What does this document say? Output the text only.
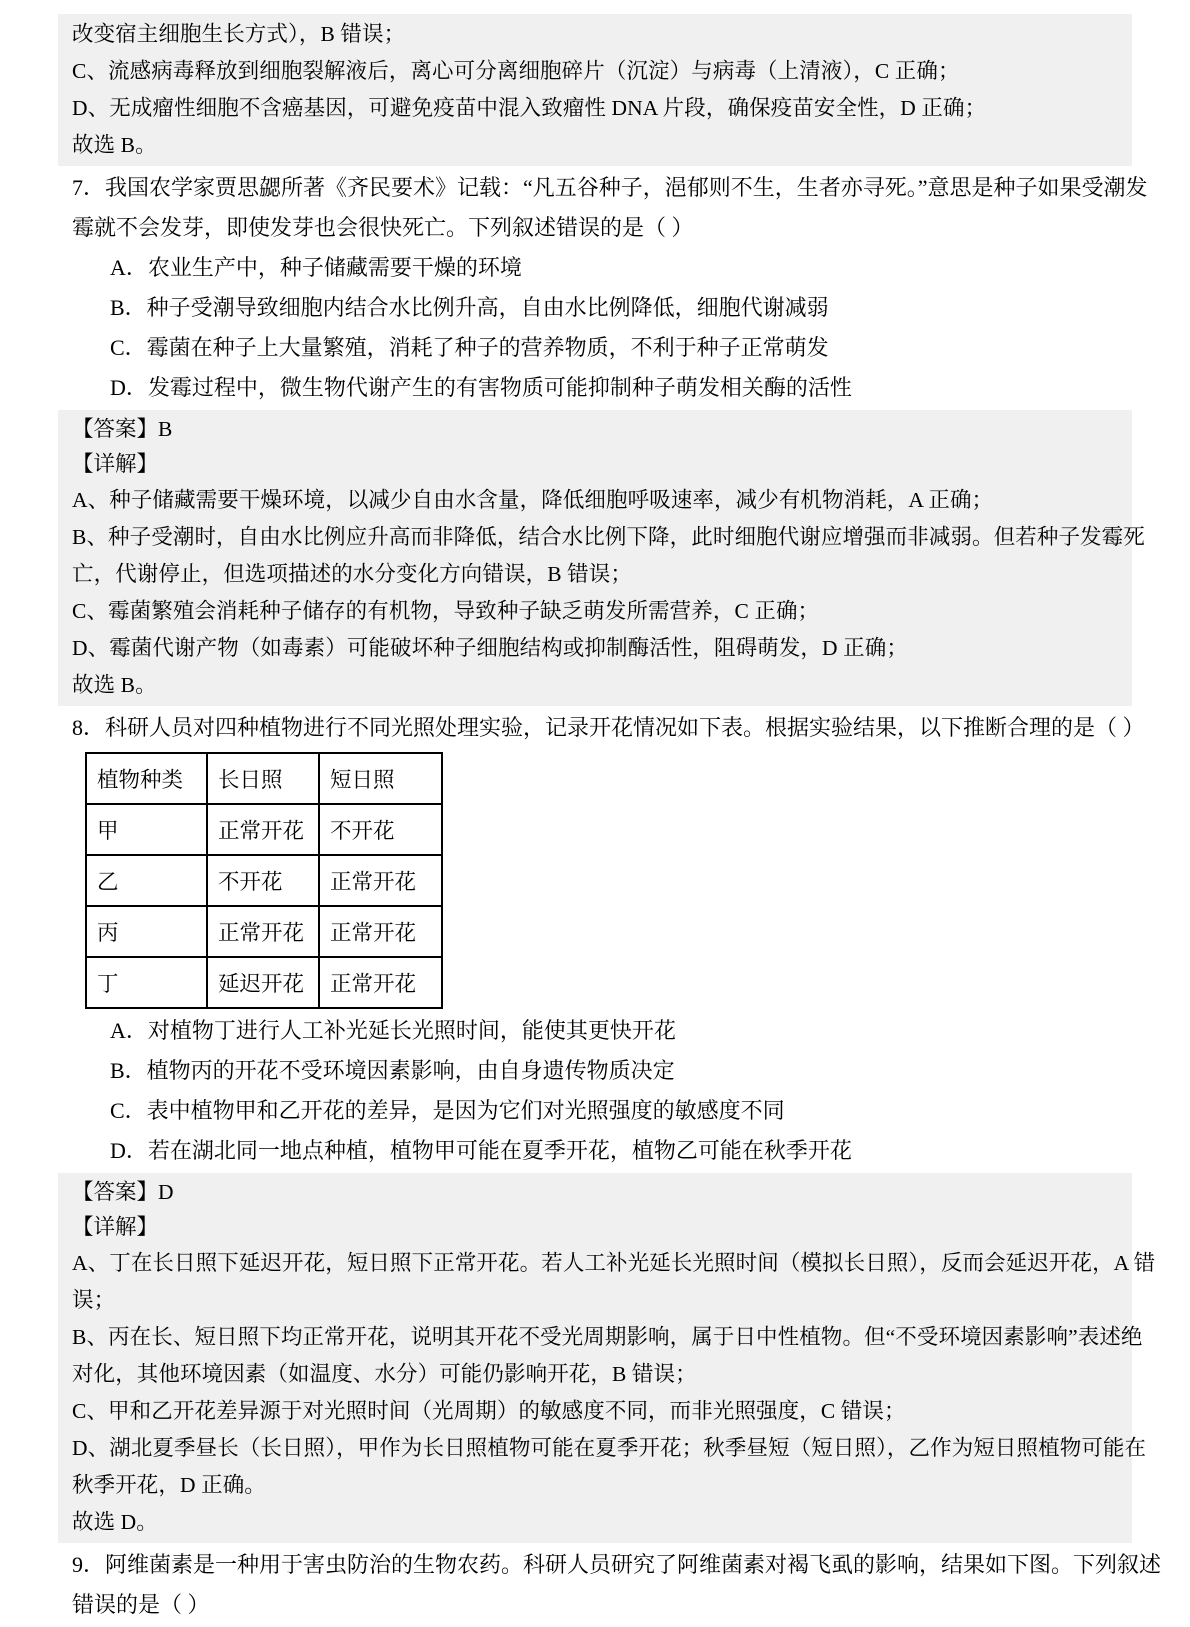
改变宿主细胞生长方式），B 错误；
C、流感病毒释放到细胞裂解液后，离心可分离细胞碎片（沉淀）与病毒（上清液），C 正确；
D、无成瘤性细胞不含癌基因，可避免疫苗中混入致瘤性 DNA 片段，确保疫苗安全性，D 正确；
故选 B。
7．我国农学家贾思勰所著《齐民要术》记载：“凡五谷种子，浥郁则不生，生者亦寻死。”意思是种子如果受潮发
霉就不会发芽，即使发芽也会很快死亡。下列叙述错误的是（ ）
A．农业生产中，种子储藏需要干燥的环境
B．种子受潮导致细胞内结合水比例升高，自由水比例降低，细胞代谢减弱
C．霉菌在种子上大量繁殖，消耗了种子的营养物质，不利于种子正常萌发
D．发霉过程中，微生物代谢产生的有害物质可能抑制种子萌发相关酶的活性
【答案】B
【详解】
A、种子储藏需要干燥环境，以减少自由水含量，降低细胞呼吸速率，减少有机物消耗，A 正确；
B、种子受潮时，自由水比例应升高而非降低，结合水比例下降，此时细胞代谢应增强而非减弱。但若种子发霉死
亡，代谢停止，但选项描述的水分变化方向错误，B 错误；
C、霉菌繁殖会消耗种子储存的有机物，导致种子缺乏萌发所需营养，C 正确；
D、霉菌代谢产物（如毒素）可能破坏种子细胞结构或抑制酶活性，阻碍萌发，D 正确；
故选 B。
8．科研人员对四种植物进行不同光照处理实验，记录开花情况如下表。根据实验结果，以下推断合理的是（ ）
植物种类	长日照	短日照
甲	正常开花	不开花
乙	不开花	正常开花
丙	正常开花	正常开花
丁	延迟开花	正常开花
A．对植物丁进行人工补光延长光照时间，能使其更快开花
B．植物丙的开花不受环境因素影响，由自身遗传物质决定
C．表中植物甲和乙开花的差异，是因为它们对光照强度的敏感度不同
D．若在湖北同一地点种植，植物甲可能在夏季开花，植物乙可能在秋季开花
【答案】D
【详解】
A、丁在长日照下延迟开花，短日照下正常开花。若人工补光延长光照时间（模拟长日照），反而会延迟开花，A 错
误；
B、丙在长、短日照下均正常开花，说明其开花不受光周期影响，属于日中性植物。但“不受环境因素影响”表述绝
对化，其他环境因素（如温度、水分）可能仍影响开花，B 错误；
C、甲和乙开花差异源于对光照时间（光周期）的敏感度不同，而非光照强度，C 错误；
D、湖北夏季昼长（长日照），甲作为长日照植物可能在夏季开花；秋季昼短（短日照），乙作为短日照植物可能在
秋季开花，D 正确。
故选 D。
9．阿维菌素是一种用于害虫防治的生物农药。科研人员研究了阿维菌素对褐飞虱的影响，结果如下图。下列叙述
错误的是（ ）
